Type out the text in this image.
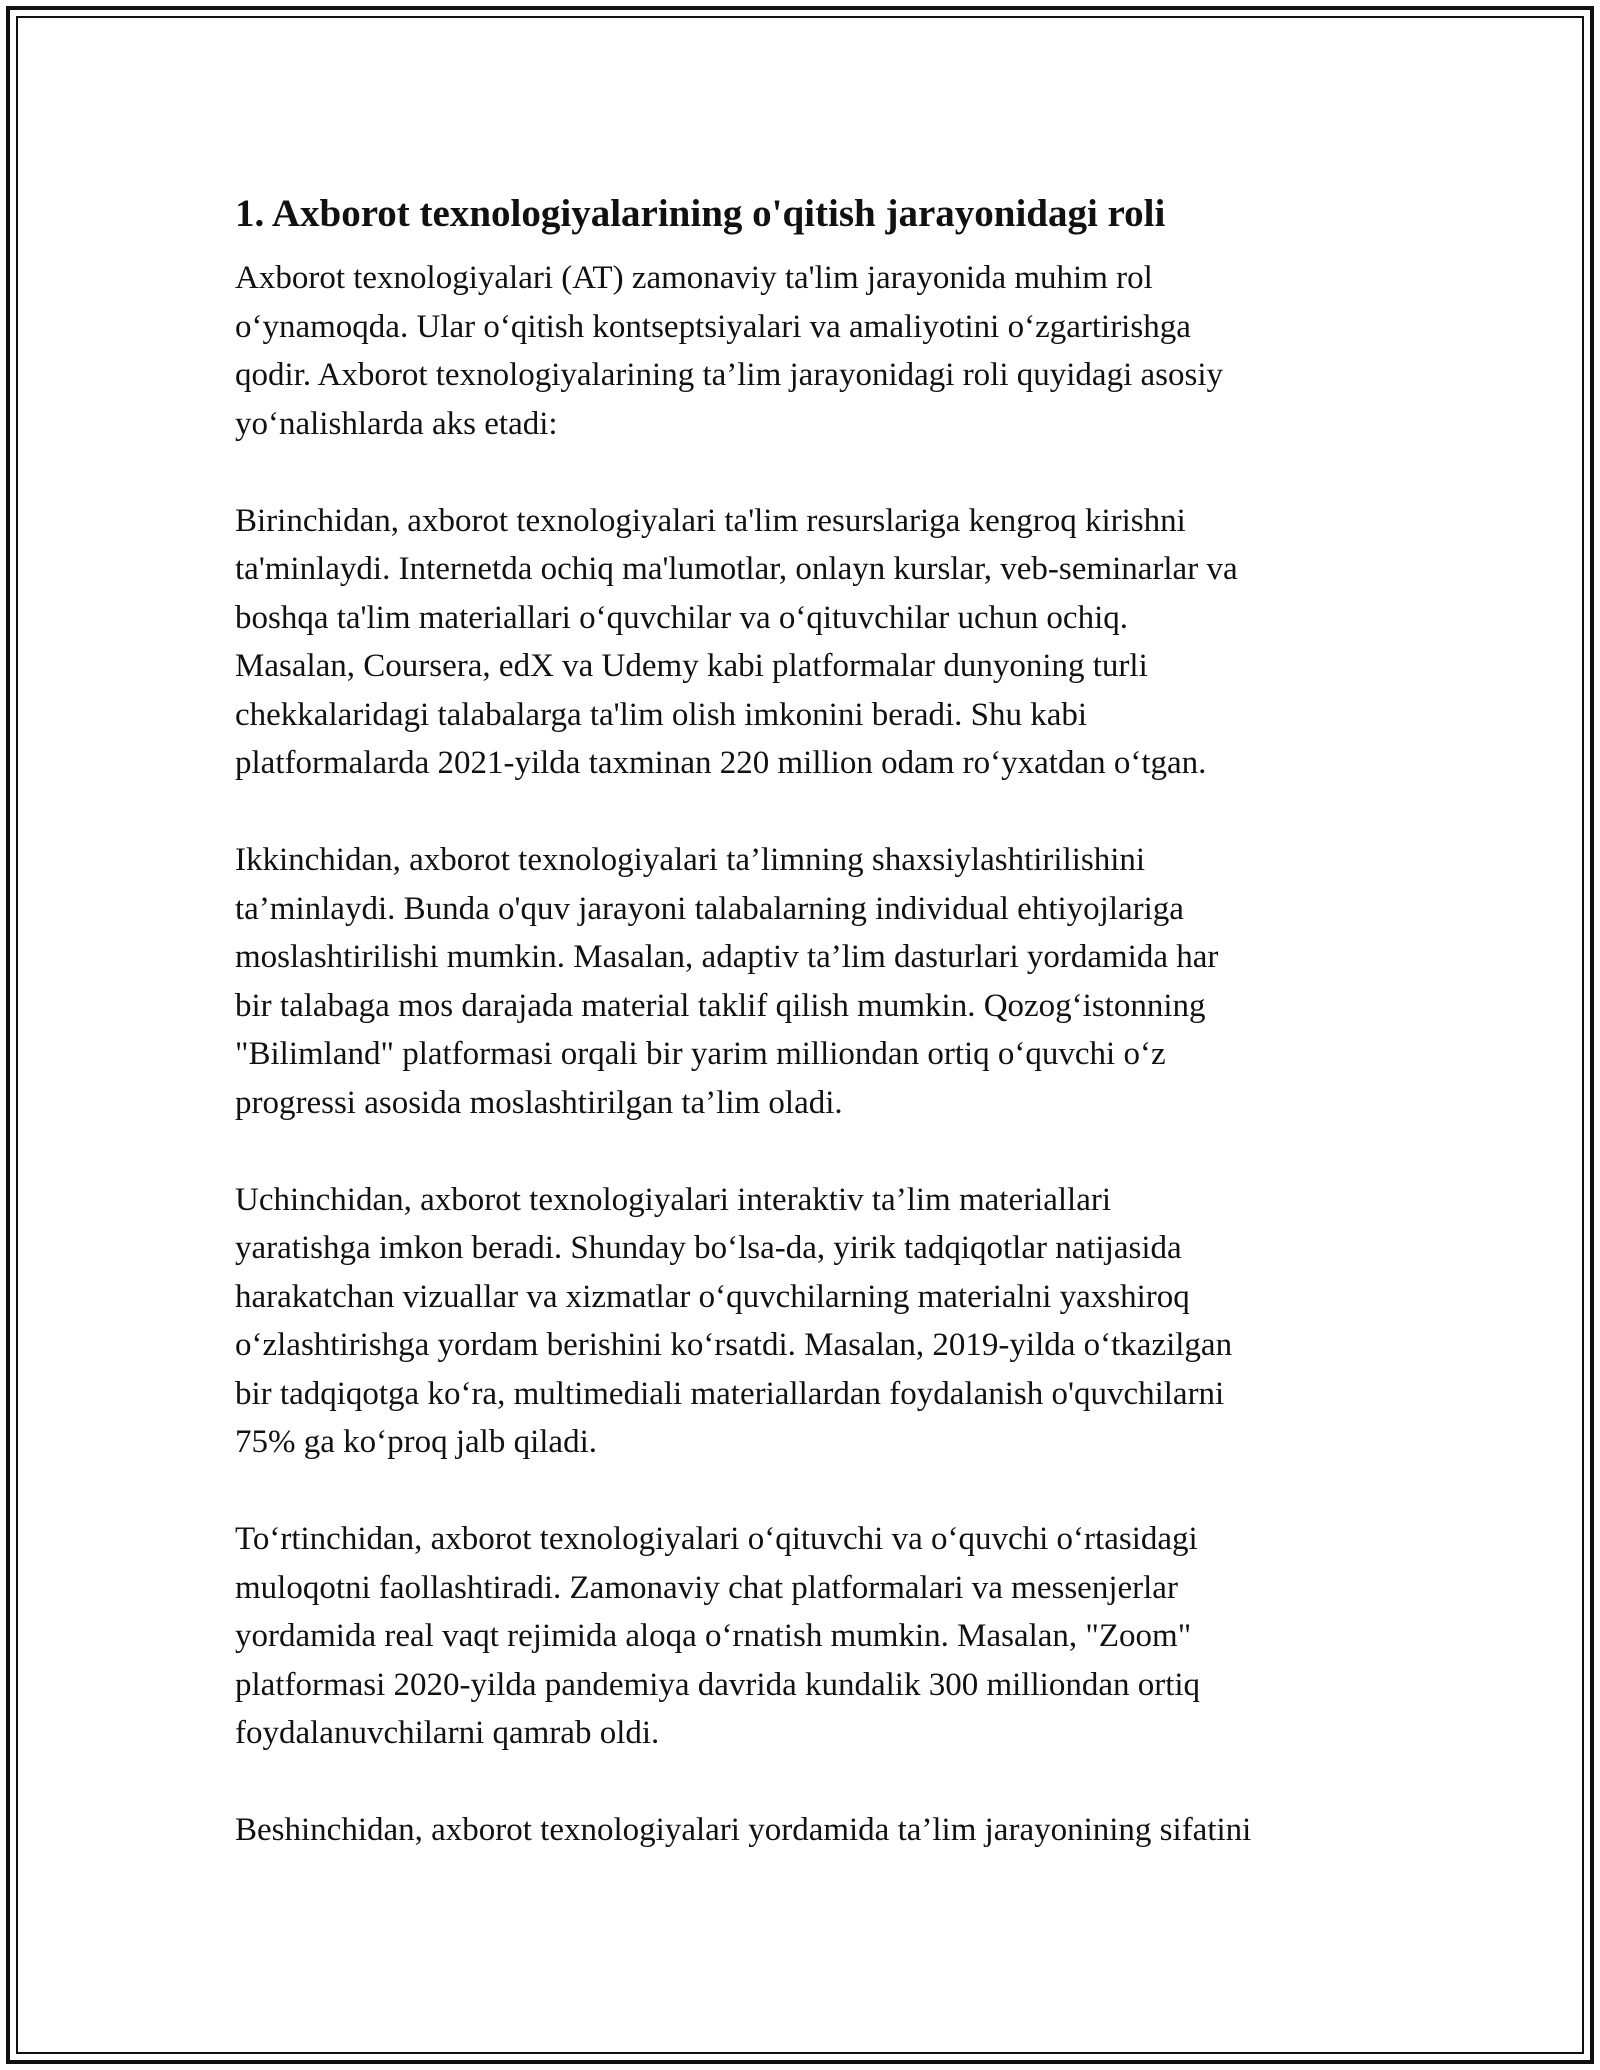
1. Axborot texnologiyalarining o'qitish jarayonidagi roli

Axborot texnologiyalari (AT) zamonaviy ta'lim jarayonida muhim rol
o‘ynamoqda. Ular o‘qitish kontseptsiyalari va amaliyotini o‘zgartirishga
qodir. Axborot texnologiyalarining ta’lim jarayonidagi roli quyidagi asosiy
yo‘nalishlarda aks etadi:

Birinchidan, axborot texnologiyalari ta'lim resurslariga kengroq kirishni
ta'minlaydi. Internetda ochiq ma'lumotlar, onlayn kurslar, veb-seminarlar va
boshqa ta'lim materiallari o‘quvchilar va o‘qituvchilar uchun ochiq.
Masalan, Coursera, edX va Udemy kabi platformalar dunyoning turli
chekkalaridagi talabalarga ta'lim olish imkonini beradi. Shu kabi
platformalarda 2021-yilda taxminan 220 million odam ro‘yxatdan o‘tgan.

Ikkinchidan, axborot texnologiyalari ta’limning shaxsiylashtirilishini
ta’minlaydi. Bunda o'quv jarayoni talabalarning individual ehtiyojlariga
moslashtirilishi mumkin. Masalan, adaptiv ta’lim dasturlari yordamida har
bir talabaga mos darajada material taklif qilish mumkin. Qozog‘istonning
"Bilimland" platformasi orqali bir yarim milliondan ortiq o‘quvchi o‘z
progressi asosida moslashtirilgan ta’lim oladi.

Uchinchidan, axborot texnologiyalari interaktiv ta’lim materiallari
yaratishga imkon beradi. Shunday bo‘lsa-da, yirik tadqiqotlar natijasida
harakatchan vizuallar va xizmatlar o‘quvchilarning materialni yaxshiroq
o‘zlashtirishga yordam berishini ko‘rsatdi. Masalan, 2019-yilda o‘tkazilgan
bir tadqiqotga ko‘ra, multimediali materiallardan foydalanish o'quvchilarni
75% ga ko‘proq jalb qiladi.

To‘rtinchidan, axborot texnologiyalari o‘qituvchi va o‘quvchi o‘rtasidagi
muloqotni faollashtiradi. Zamonaviy chat platformalari va messenjerlar
yordamida real vaqt rejimida aloqa o‘rnatish mumkin. Masalan, "Zoom"
platformasi 2020-yilda pandemiya davrida kundalik 300 milliondan ortiq
foydalanuvchilarni qamrab oldi.

Beshinchidan, axborot texnologiyalari yordamida ta’lim jarayonining sifatini
